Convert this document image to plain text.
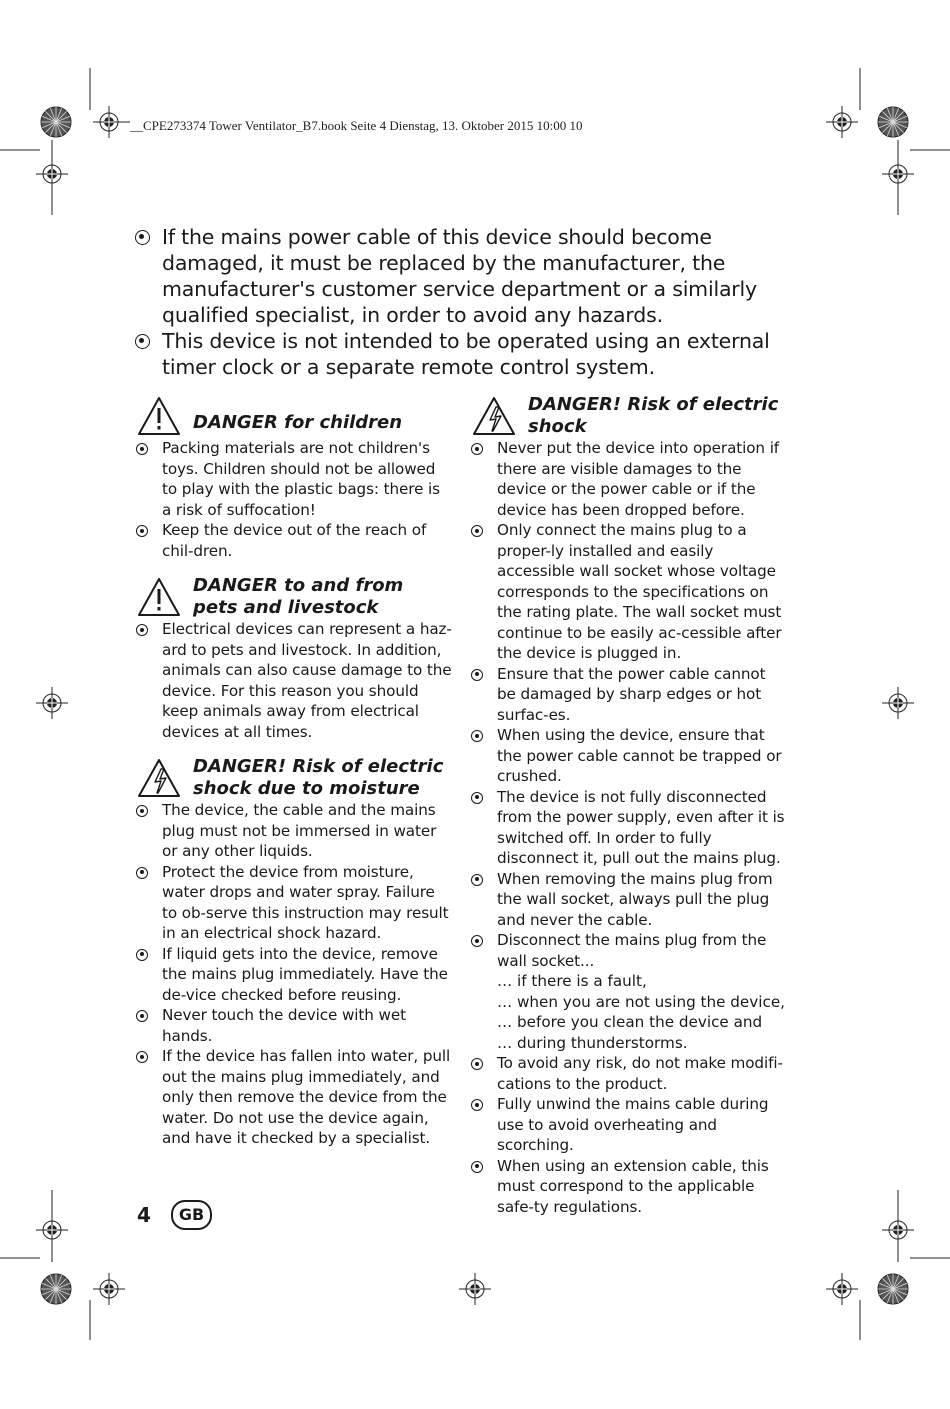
__CPE273374 Tower Ventilator_B7.book Seite 4 Dienstag, 13. Oktober 2015 10:00 10
If the mains power cable of this device should become damaged, it must be replaced by the manufacturer, the manufacturer's customer service department or a similarly qualified specialist, in order to avoid any hazards.
This device is not intended to be operated using an external timer clock or a separate remote control system.
DANGER for children
Packing materials are not children's toys. Children should not be allowed to play with the plastic bags: there is a risk of suffocation!
Keep the device out of the reach of chil-dren.
DANGER to and from pets and livestock
Electrical devices can represent a haz-ard to pets and livestock. In addition, animals can also cause damage to the device. For this reason you should keep animals away from electrical devices at all times.
DANGER! Risk of electric shock due to moisture
The device, the cable and the mains plug must not be immersed in water or any other liquids.
Protect the device from moisture, water drops and water spray. Failure to ob-serve this instruction may result in an electrical shock hazard.
If liquid gets into the device, remove the mains plug immediately. Have the de-vice checked before reusing.
Never touch the device with wet hands.
If the device has fallen into water, pull out the mains plug immediately, and only then remove the device from the water. Do not use the device again, and have it checked by a specialist.
DANGER! Risk of electric shock
Never put the device into operation if there are visible damages to the device or the power cable or if the device has been dropped before.
Only connect the mains plug to a proper-ly installed and easily accessible wall socket whose voltage corresponds to the specifications on the rating plate. The wall socket must continue to be easily ac-cessible after the device is plugged in.
Ensure that the power cable cannot be damaged by sharp edges or hot surfac-es.
When using the device, ensure that the power cable cannot be trapped or crushed.
The device is not fully disconnected from the power supply, even after it is switched off. In order to fully disconnect it, pull out the mains plug.
When removing the mains plug from the wall socket, always pull the plug and never the cable.
Disconnect the mains plug from the wall socket...
… if there is a fault,
… when you are not using the device,
… before you clean the device and
… during thunderstorms.
To avoid any risk, do not make modifi-cations to the product.
Fully unwind the mains cable during use to avoid overheating and scorching.
When using an extension cable, this must correspond to the applicable safe-ty regulations.
4	GB
